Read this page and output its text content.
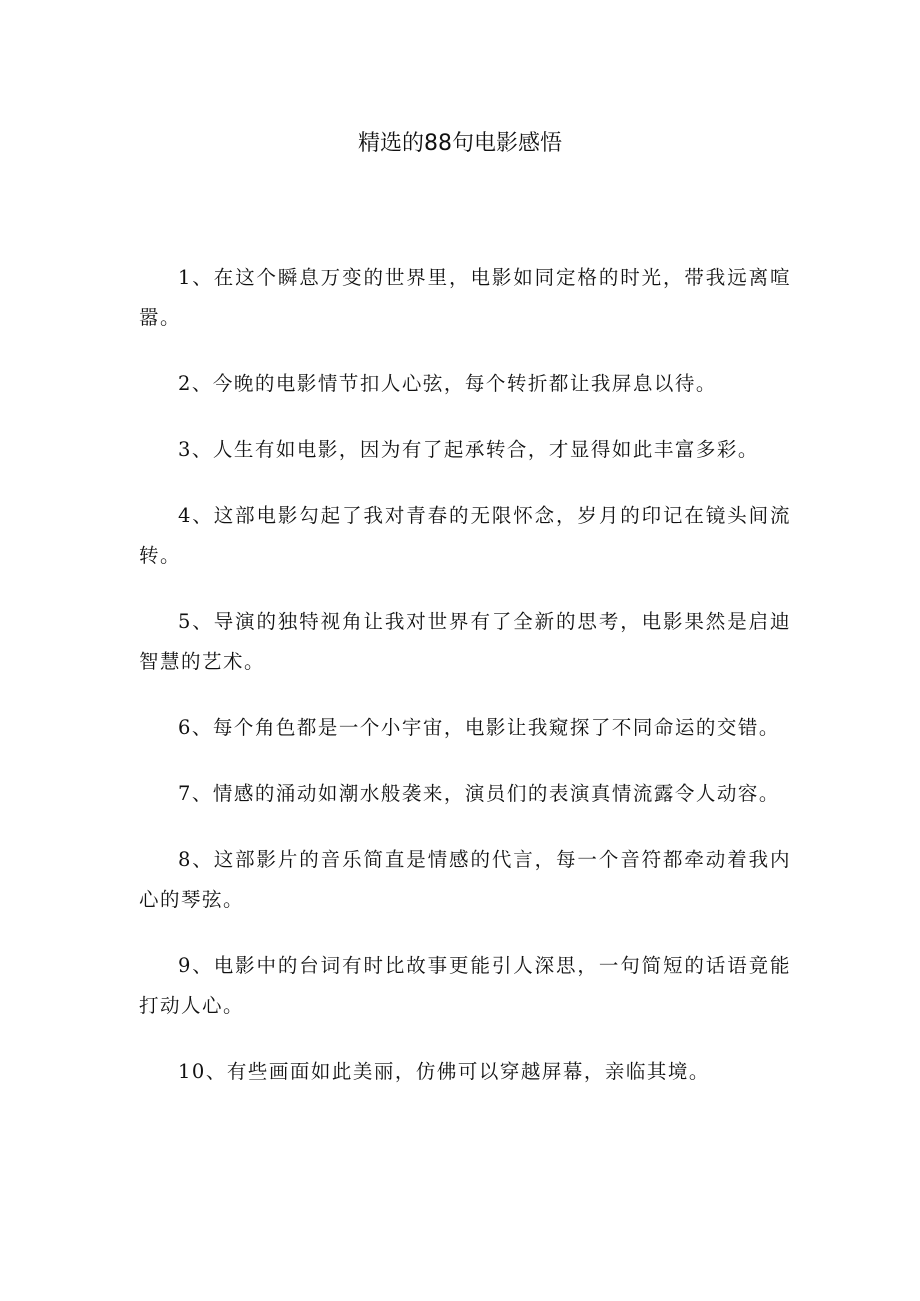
精选的88句电影感悟

1、在这个瞬息万变的世界里，电影如同定格的时光，带我远离喧嚣。

2、今晚的电影情节扣人心弦，每个转折都让我屏息以待。

3、人生有如电影，因为有了起承转合，才显得如此丰富多彩。

4、这部电影勾起了我对青春的无限怀念，岁月的印记在镜头间流转。

5、导演的独特视角让我对世界有了全新的思考，电影果然是启迪智慧的艺术。

6、每个角色都是一个小宇宙，电影让我窥探了不同命运的交错。

7、情感的涌动如潮水般袭来，演员们的表演真情流露令人动容。

8、这部影片的音乐简直是情感的代言，每一个音符都牵动着我内心的琴弦。

9、电影中的台词有时比故事更能引人深思，一句简短的话语竟能打动人心。

10、有些画面如此美丽，仿佛可以穿越屏幕，亲临其境。
